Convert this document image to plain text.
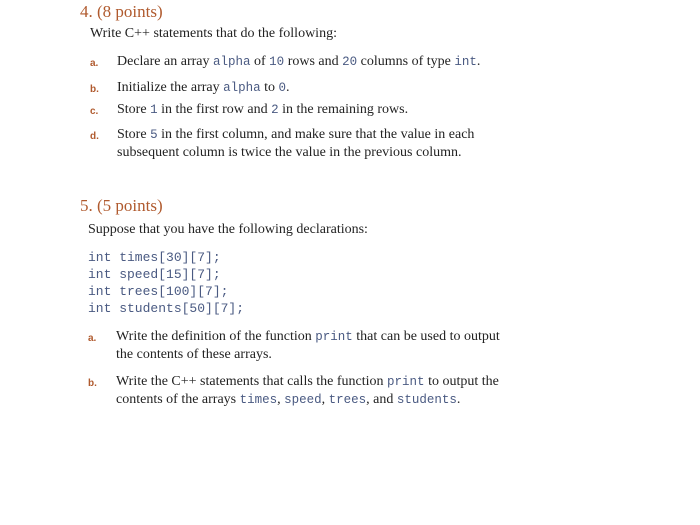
4. (8 points)
Write C++ statements that do the following:
a. Declare an array alpha of 10 rows and 20 columns of type int.
b. Initialize the array alpha to 0.
c. Store 1 in the first row and 2 in the remaining rows.
d. Store 5 in the first column, and make sure that the value in each
subsequent column is twice the value in the previous column.
5. (5 points)
Suppose that you have the following declarations:
int times[30][7];
int speed[15][7];
int trees[100][7];
int students[50][7];
a. Write the definition of the function print that can be used to output
the contents of these arrays.
b. Write the C++ statements that calls the function print to output the
contents of the arrays times, speed, trees, and students.
